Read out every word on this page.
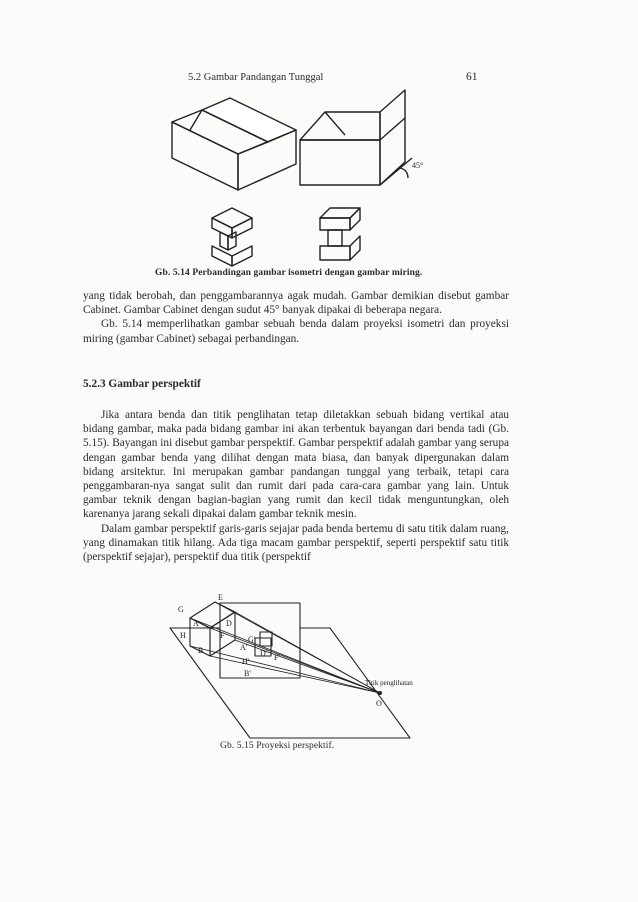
5.2 Gambar Pandangan Tunggal	61
45°
Gb. 5.14 Perbandingan gambar isometri dengan gambar miring.

yang tidak berobah, dan penggambarannya agak mudah. Gambar demikian disebut gambar Cabinet. Gambar Cabinet dengan sudut 45° banyak dipakai di beberapa negara.

Gb. 5.14 memperlihatkan gambar sebuah benda dalam proyeksi isometri dan proyeksi miring (gambar Cabinet) sebagai perbandingan.

5.2.3 Gambar perspektif

Jika antara benda dan titik penglihatan tetap diletakkan sebuah bidang vertikal atau bidang gambar, maka pada bidang gambar ini akan terbentuk bayangan dari benda tadi (Gb. 5.15). Bayangan ini disebut gambar perspektif. Gambar perspektif adalah gambar yang serupa dengan gambar benda yang dilihat dengan mata biasa, dan banyak dipergunakan dalam bidang arsitektur. Ini merupakan gambar pandangan tunggal yang terbaik, tetapi cara penggambaran-nya sangat sulit dan rumit dari pada cara-cara gambar yang lain. Untuk gambar teknik dengan bagian-bagian yang rumit dan kecil tidak menguntungkan, oleh karenanya jarang sekali dipakai dalam gambar teknik mesin.

Dalam gambar perspektif garis-garis sejajar pada benda bertemu di satu titik dalam ruang, yang dinamakan titik hilang. Ada tiga macam gambar perspektif, seperti perspektif satu titik (perspektif sejajar), perspektif dua titik (perspektif

G
E
A	D
F
H
B
G'
A'
D' F'
H'
B'
O
Titik penglihatan
Gb. 5.15 Proyeksi perspektif.
